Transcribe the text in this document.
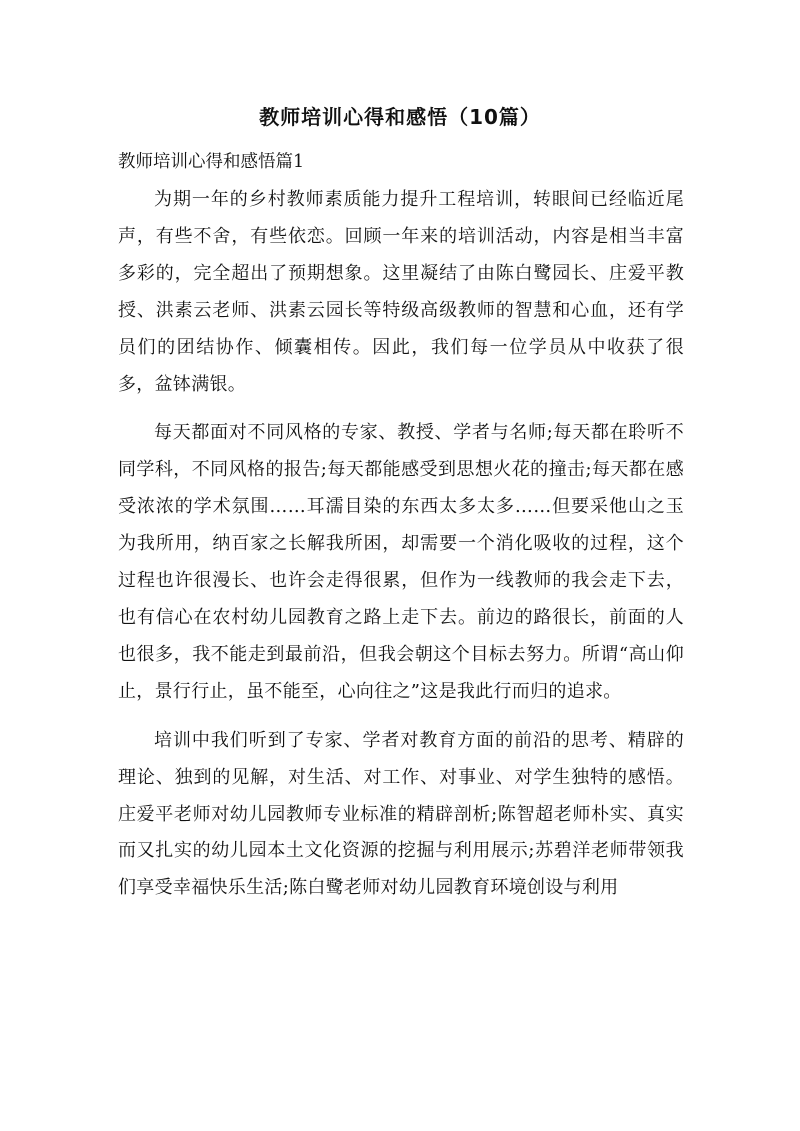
教师培训心得和感悟（10篇）
教师培训心得和感悟篇1

为期一年的乡村教师素质能力提升工程培训，转眼间已经临近尾声，有些不舍，有些依恋。回顾一年来的培训活动，内容是相当丰富多彩的，完全超出了预期想象。这里凝结了由陈白鹭园长、庄爱平教授、洪素云老师、洪素云园长等特级高级教师的智慧和心血，还有学员们的团结协作、倾囊相传。因此，我们每一位学员从中收获了很多，盆钵满银。

每天都面对不同风格的专家、教授、学者与名师;每天都在聆听不同学科，不同风格的报告;每天都能感受到思想火花的撞击;每天都在感受浓浓的学术氛围……耳濡目染的东西太多太多……但要采他山之玉为我所用，纳百家之长解我所困，却需要一个消化吸收的过程，这个过程也许很漫长、也许会走得很累，但作为一线教师的我会走下去，也有信心在农村幼儿园教育之路上走下去。前边的路很长，前面的人也很多，我不能走到最前沿，但我会朝这个目标去努力。所谓“高山仰止，景行行止，虽不能至，心向往之”这是我此行而归的追求。

培训中我们听到了专家、学者对教育方面的前沿的思考、精辟的理论、独到的见解，对生活、对工作、对事业、对学生独特的感悟。庄爱平老师对幼儿园教师专业标准的精辟剖析;陈智超老师朴实、真实而又扎实的幼儿园本土文化资源的挖掘与利用展示;苏碧洋老师带领我们享受幸福快乐生活;陈白鹭老师对幼儿园教育环境创设与利用
